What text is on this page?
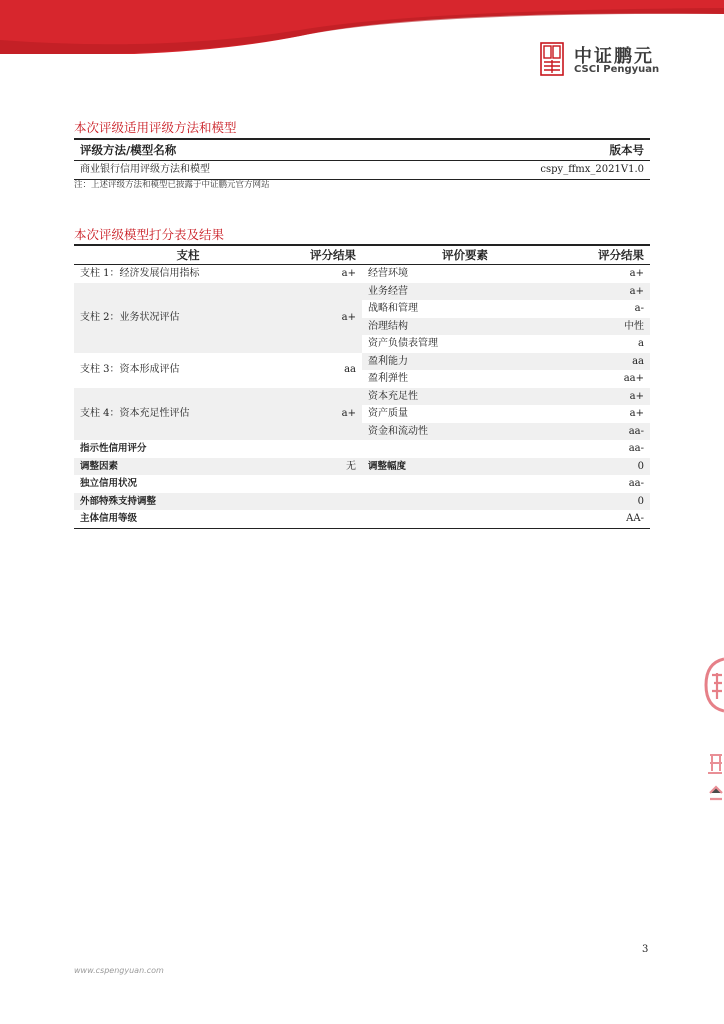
中证鹏元
CSCI Pengyuan
本次评级适用评级方法和模型
评级方法/模型名称	版本号
商业银行信用评级方法和模型	cspy_ffmx_2021V1.0
注：上述评级方法和模型已披露于中证鹏元官方网站
本次评级模型打分表及结果
支柱	评分结果	评价要素	评分结果
支柱 1：经济发展信用指标	a+	经营环境	a+
支柱 2：业务状况评估	a+	业务经营	a+
		战略和管理	a-
		治理结构	中性
		资产负债表管理	a
支柱 3：资本形成评估	aa	盈利能力	aa
		盈利弹性	aa+
支柱 4：资本充足性评估	a+	资本充足性	a+
		资产质量	a+
		资金和流动性	aa-
指示性信用评分			aa-
调整因素	无	调整幅度	0
独立信用状况			aa-
外部特殊支持调整			0
主体信用等级			AA-
3
www.cspengyuan.com
